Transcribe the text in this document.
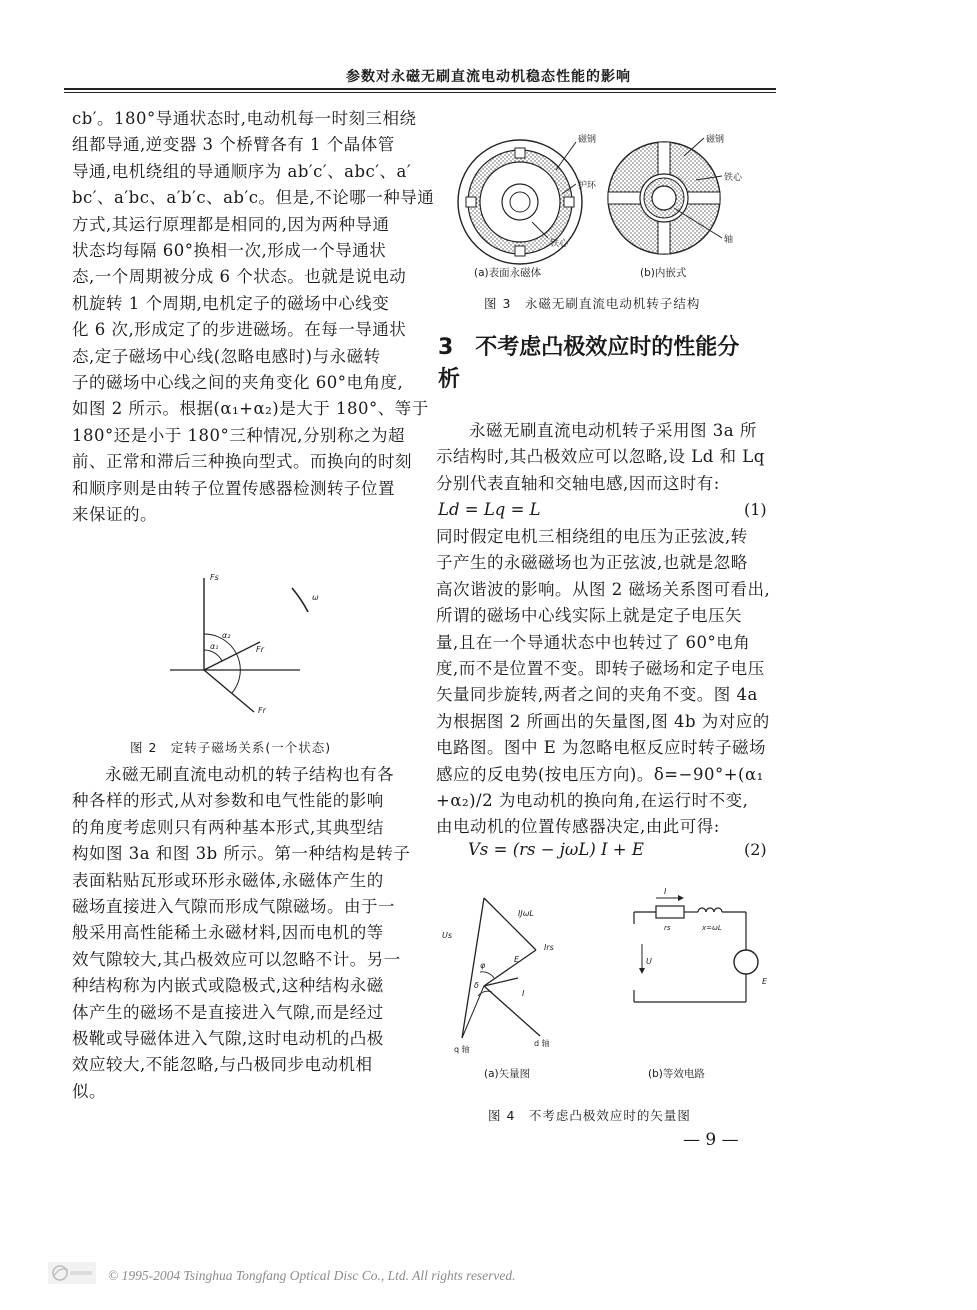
参数对永磁无刷直流电动机稳态性能的影响
cb′。180°导通状态时,电动机每一时刻三相绕
组都导通,逆变器 3 个桥臂各有 1 个晶体管
导通,电机绕组的导通顺序为 ab′c′、abc′、a′
bc′、a′bc、a′b′c、ab′c。但是,不论哪一种导通
方式,其运行原理都是相同的,因为两种导通
状态均每隔 60°换相一次,形成一个导通状
态,一个周期被分成 6 个状态。也就是说电动
机旋转 1 个周期,电机定子的磁场中心线变
化 6 次,形成定了的步进磁场。在每一导通状
态,定子磁场中心线(忽略电感时)与永磁转
子的磁场中心线之间的夹角变化 60°电角度,
如图 2 所示。根据(α₁+α₂)是大于 180°、等于
180°还是小于 180°三种情况,分别称之为超
前、正常和滞后三种换向型式。而换向的时刻
和顺序则是由转子位置传感器检测转子位置
来保证的。
Fs
ω
α₂
α₁	Fr
Fr
图 2　定转子磁场关系(一个状态)
永磁无刷直流电动机的转子结构也有各
种各样的形式,从对参数和电气性能的影响
的角度考虑则只有两种基本形式,其典型结
构如图 3a 和图 3b 所示。第一种结构是转子
表面粘贴瓦形或环形永磁体,永磁体产生的
磁场直接进入气隙而形成气隙磁场。由于一
般采用高性能稀土永磁材料,因而电机的等
效气隙较大,其凸极效应可以忽略不计。另一
种结构称为内嵌式或隐极式,这种结构永磁
体产生的磁场不是直接进入气隙,而是经过
极靴或导磁体进入气隙,这时电动机的凸极
效应较大,不能忽略,与凸极同步电动机相
似。
磁钢
护环
铁心
磁钢
铁心
轴
(a)表面永磁体	(b)内嵌式
图 3　永磁无刷直流电动机转子结构
3　不考虑凸极效应时的性能分
析
永磁无刷直流电动机转子采用图 3a 所
示结构时,其凸极效应可以忽略,设 Ld 和 Lq
分别代表直轴和交轴电感,因而这时有:
Ld = Lq = L	(1)
同时假定电机三相绕组的电压为正弦波,转
子产生的永磁磁场也为正弦波,也就是忽略
高次谐波的影响。从图 2 磁场关系图可看出,
所谓的磁场中心线实际上就是定子电压矢
量,且在一个导通状态中也转过了 60°电角
度,而不是位置不变。即转子磁场和定子电压
矢量同步旋转,两者之间的夹角不变。图 4a
为根据图 2 所画出的矢量图,图 4b 为对应的
电路图。图中 E 为忽略电枢反应时转子磁场
感应的反电势(按电压方向)。δ=−90°+(α₁
+α₂)/2 为电动机的换向角,在运行时不变,
由电动机的位置传感器决定,由此可得:
Vs = (rs − jωL) I + E	(2)
Us
IJωL
Irs
E
φ
δ
I
q 轴
d 轴
(a)矢量图
I
rs	x=ωL
U
E
(b)等效电路
图 4　不考虑凸极效应时的矢量图
— 9 —
© 1995-2004 Tsinghua Tongfang Optical Disc Co., Ltd. All rights reserved.
